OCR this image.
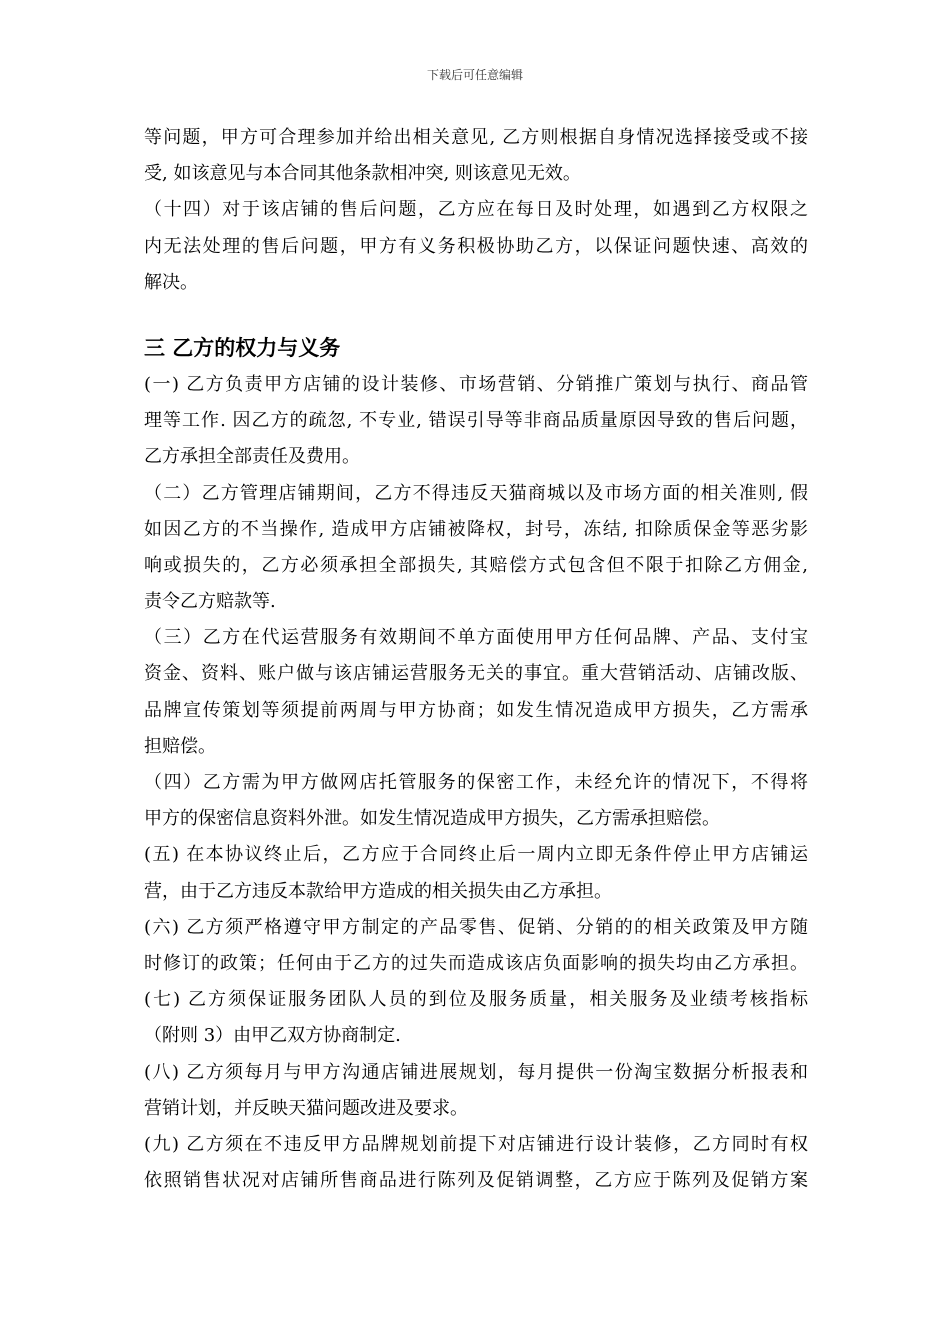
下载后可任意编辑
等问题，甲方可合理参加并给出相关意见, 乙方则根据自身情况选择接受或不接
受, 如该意见与本合同其他条款相冲突, 则该意见无效。
（十四）对于该店铺的售后问题，乙方应在每日及时处理，如遇到乙方权限之
内无法处理的售后问题，甲方有义务积极协助乙方，以保证问题快速、高效的
解决。
三 乙方的权力与义务
(一) 乙方负责甲方店铺的设计装修、市场营销、分销推广策划与执行、商品管
理等工作. 因乙方的疏忽, 不专业, 错误引导等非商品质量原因导致的售后问题，
乙方承担全部责任及费用。
（二）乙方管理店铺期间，乙方不得违反天猫商城以及市场方面的相关准则, 假
如因乙方的不当操作, 造成甲方店铺被降权，封号，冻结, 扣除质保金等恶劣影
响或损失的，乙方必须承担全部损失, 其赔偿方式包含但不限于扣除乙方佣金,
责令乙方赔款等.
（三）乙方在代运营服务有效期间不单方面使用甲方任何品牌、产品、支付宝
资金、资料、账户做与该店铺运营服务无关的事宜。重大营销活动、店铺改版、
品牌宣传策划等须提前两周与甲方协商；如发生情况造成甲方损失，乙方需承
担赔偿。
（四）乙方需为甲方做网店托管服务的保密工作，未经允许的情况下，不得将
甲方的保密信息资料外泄。如发生情况造成甲方损失，乙方需承担赔偿。
(五) 在本协议终止后，乙方应于合同终止后一周内立即无条件停止甲方店铺运
营，由于乙方违反本款给甲方造成的相关损失由乙方承担。
(六) 乙方须严格遵守甲方制定的产品零售、促销、分销的的相关政策及甲方随
时修订的政策；任何由于乙方的过失而造成该店负面影响的损失均由乙方承担。
(七) 乙方须保证服务团队人员的到位及服务质量，相关服务及业绩考核指标
（附则 3）由甲乙双方协商制定.
(八) 乙方须每月与甲方沟通店铺进展规划，每月提供一份淘宝数据分析报表和
营销计划，并反映天猫问题改进及要求。
(九) 乙方须在不违反甲方品牌规划前提下对店铺进行设计装修，乙方同时有权
依照销售状况对店铺所售商品进行陈列及促销调整，乙方应于陈列及促销方案
